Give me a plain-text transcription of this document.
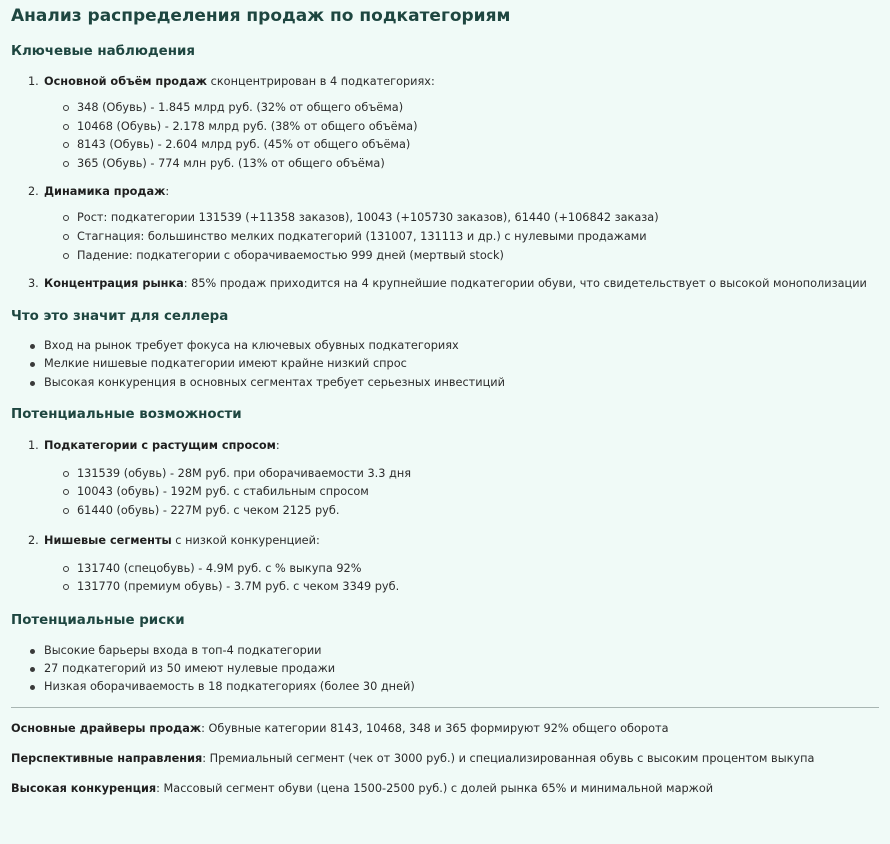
Анализ распределения продаж по подкатегориям
Ключевые наблюдения
1. Основной объём продаж сконцентрирован в 4 подкатегориях:
348 (Обувь) - 1.845 млрд руб. (32% от общего объёма)
10468 (Обувь) - 2.178 млрд руб. (38% от общего объёма)
8143 (Обувь) - 2.604 млрд руб. (45% от общего объёма)
365 (Обувь) - 774 млн руб. (13% от общего объёма)
2. Динамика продаж:
Рост: подкатегории 131539 (+11358 заказов), 10043 (+105730 заказов), 61440 (+106842 заказа)
Стагнация: большинство мелких подкатегорий (131007, 131113 и др.) с нулевыми продажами
Падение: подкатегории с оборачиваемостью 999 дней (мертвый stock)
3. Концентрация рынка: 85% продаж приходится на 4 крупнейшие подкатегории обуви, что свидетельствует о высокой монополизации
Что это значит для селлера
Вход на рынок требует фокуса на ключевых обувных подкатегориях
Мелкие нишевые подкатегории имеют крайне низкий спрос
Высокая конкуренция в основных сегментах требует серьезных инвестиций
Потенциальные возможности
1. Подкатегории с растущим спросом:
131539 (обувь) - 28М руб. при оборачиваемости 3.3 дня
10043 (обувь) - 192М руб. с стабильным спросом
61440 (обувь) - 227М руб. с чеком 2125 руб.
2. Нишевые сегменты с низкой конкуренцией:
131740 (спецобувь) - 4.9М руб. с % выкупа 92%
131770 (премиум обувь) - 3.7М руб. с чеком 3349 руб.
Потенциальные риски
Высокие барьеры входа в топ-4 подкатегории
27 подкатегорий из 50 имеют нулевые продажи
Низкая оборачиваемость в 18 подкатегориях (более 30 дней)

Основные драйверы продаж: Обувные категории 8143, 10468, 348 и 365 формируют 92% общего оборота

Перспективные направления: Премиальный сегмент (чек от 3000 руб.) и специализированная обувь с высоким процентом выкупа

Высокая конкуренция: Массовый сегмент обуви (цена 1500-2500 руб.) с долей рынка 65% и минимальной маржой
